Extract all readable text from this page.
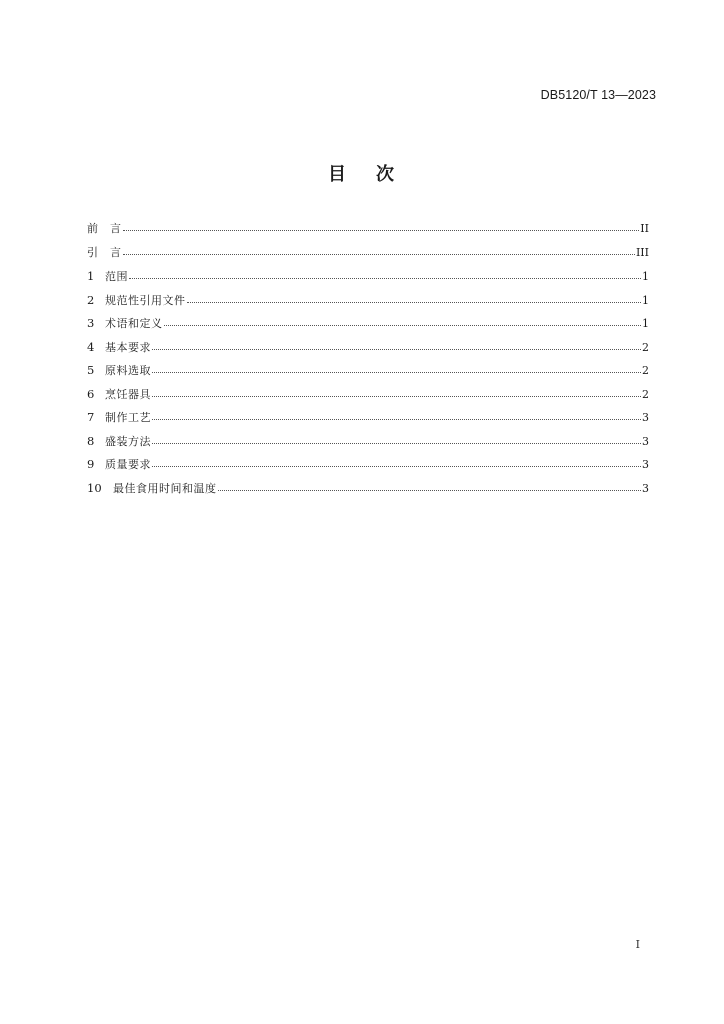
DB5120/T 13—2023
目 次
前　言	II
引　言	III
1 范围	1
2 规范性引用文件	1
3 术语和定义	1
4 基本要求	2
5 原料选取	2
6 烹饪器具	2
7 制作工艺	3
8 盛装方法	3
9 质量要求	3
10	最佳食用时间和温度	3
I
